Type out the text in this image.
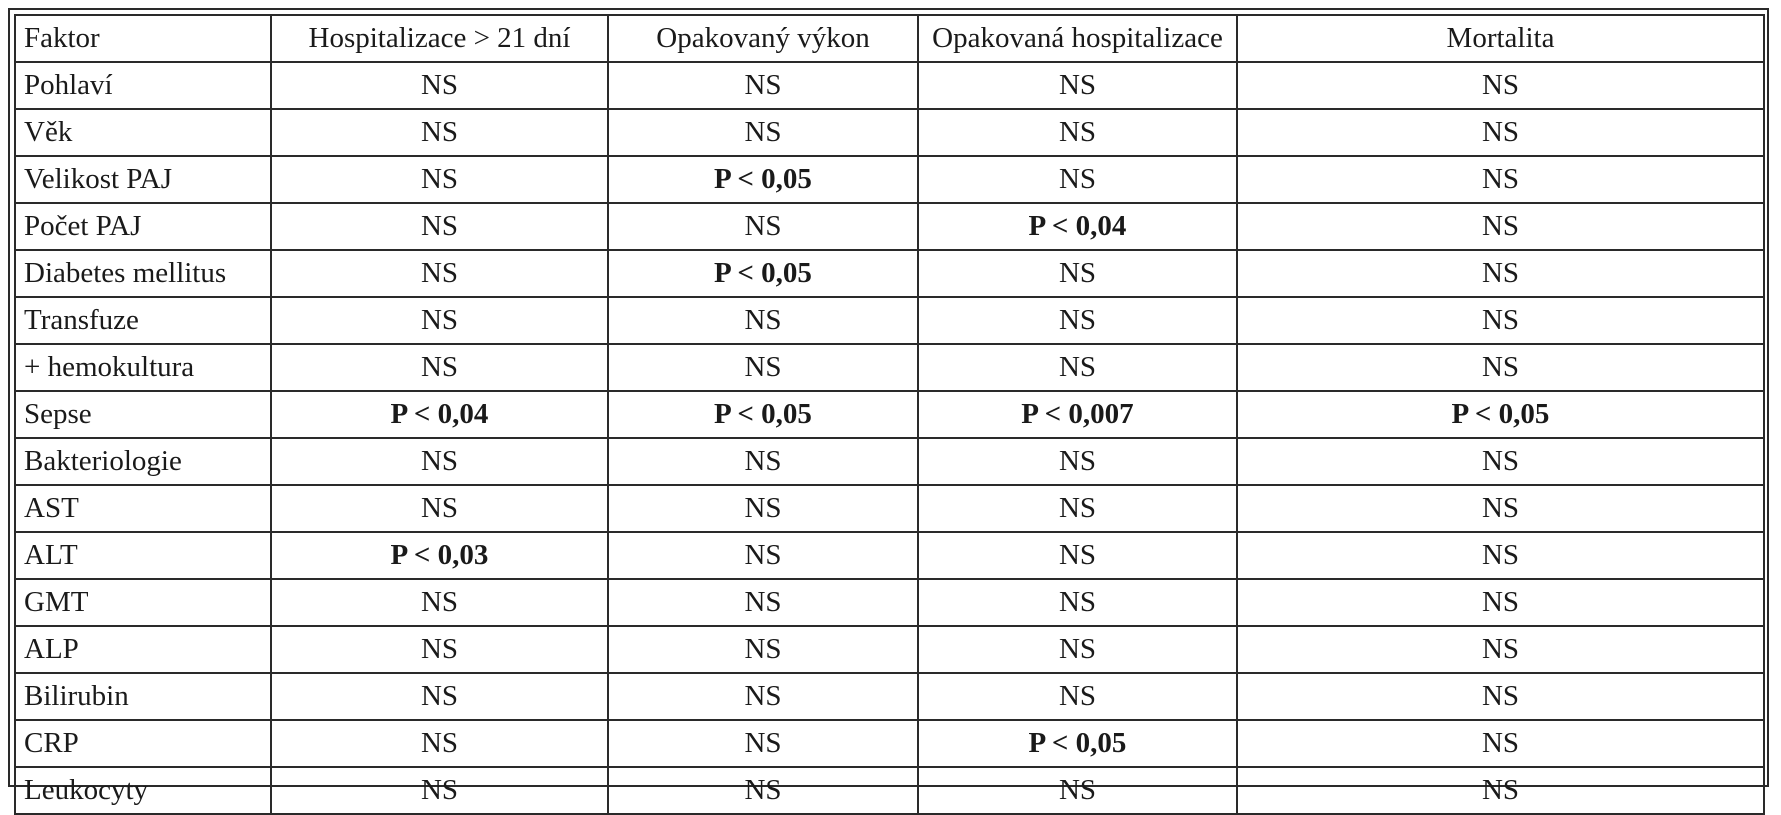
Faktor	Hospitalizace > 21 dní	Opakovaný výkon	Opakovaná hospitalizace	Mortalita
Pohlaví	NS	NS	NS	NS
Věk	NS	NS	NS	NS
Velikost PAJ	NS	P < 0,05	NS	NS
Počet PAJ	NS	NS	P < 0,04	NS
Diabetes mellitus	NS	P < 0,05	NS	NS
Transfuze	NS	NS	NS	NS
+ hemokultura	NS	NS	NS	NS
Sepse	P < 0,04	P < 0,05	P < 0,007	P < 0,05
Bakteriologie	NS	NS	NS	NS
AST	NS	NS	NS	NS
ALT	P < 0,03	NS	NS	NS
GMT	NS	NS	NS	NS
ALP	NS	NS	NS	NS
Bilirubin	NS	NS	NS	NS
CRP	NS	NS	P < 0,05	NS
Leukocyty	NS	NS	NS	NS
